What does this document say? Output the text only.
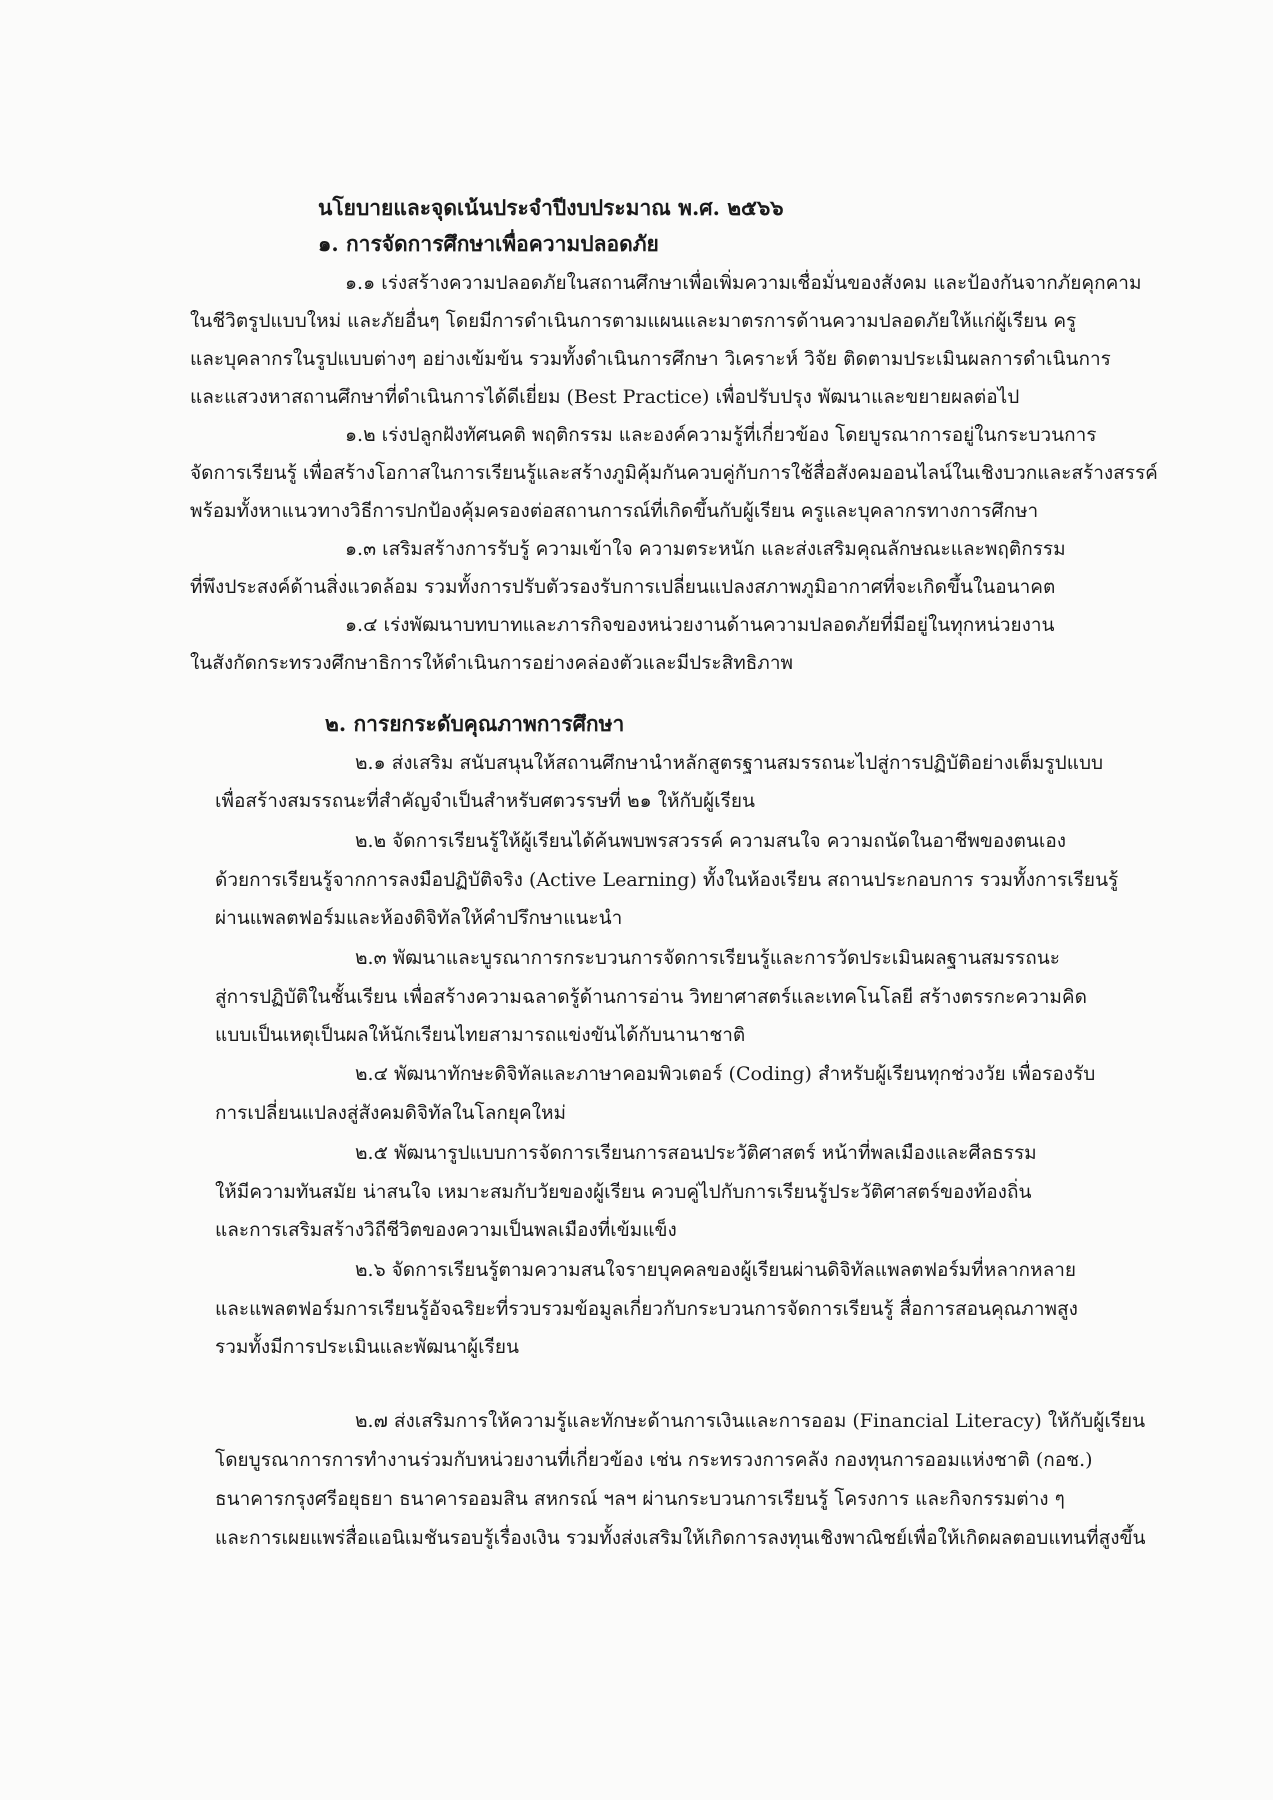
นโยบายและจุดเน้นประจำปีงบประมาณ พ.ศ. ๒๕๖๖
๑. การจัดการศึกษาเพื่อความปลอดภัย
๑.๑ เร่งสร้างความปลอดภัยในสถานศึกษาเพื่อเพิ่มความเชื่อมั่นของสังคม และป้องกันจากภัยคุกคาม
ในชีวิตรูปแบบใหม่ และภัยอื่นๆ โดยมีการดำเนินการตามแผนและมาตรการด้านความปลอดภัยให้แก่ผู้เรียน ครู
และบุคลากรในรูปแบบต่างๆ อย่างเข้มข้น รวมทั้งดำเนินการศึกษา วิเคราะห์ วิจัย ติดตามประเมินผลการดำเนินการ
และแสวงหาสถานศึกษาที่ดำเนินการได้ดีเยี่ยม (Best Practice) เพื่อปรับปรุง พัฒนาและขยายผลต่อไป
๑.๒ เร่งปลูกฝังทัศนคติ พฤติกรรม และองค์ความรู้ที่เกี่ยวข้อง โดยบูรณาการอยู่ในกระบวนการ
จัดการเรียนรู้ เพื่อสร้างโอกาสในการเรียนรู้และสร้างภูมิคุ้มกันควบคู่กับการใช้สื่อสังคมออนไลน์ในเชิงบวกและสร้างสรรค์
พร้อมทั้งหาแนวทางวิธีการปกป้องคุ้มครองต่อสถานการณ์ที่เกิดขึ้นกับผู้เรียน ครูและบุคลากรทางการศึกษา
๑.๓ เสริมสร้างการรับรู้ ความเข้าใจ ความตระหนัก และส่งเสริมคุณลักษณะและพฤติกรรม
ที่พึงประสงค์ด้านสิ่งแวดล้อม รวมทั้งการปรับตัวรองรับการเปลี่ยนแปลงสภาพภูมิอากาศที่จะเกิดขึ้นในอนาคต
๑.๔ เร่งพัฒนาบทบาทและภารกิจของหน่วยงานด้านความปลอดภัยที่มีอยู่ในทุกหน่วยงาน
ในสังกัดกระทรวงศึกษาธิการให้ดำเนินการอย่างคล่องตัวและมีประสิทธิภาพ
๒. การยกระดับคุณภาพการศึกษา
๒.๑ ส่งเสริม สนับสนุนให้สถานศึกษานำหลักสูตรฐานสมรรถนะไปสู่การปฏิบัติอย่างเต็มรูปแบบ
เพื่อสร้างสมรรถนะที่สำคัญจำเป็นสำหรับศตวรรษที่ ๒๑ ให้กับผู้เรียน
๒.๒ จัดการเรียนรู้ให้ผู้เรียนได้ค้นพบพรสวรรค์ ความสนใจ ความถนัดในอาชีพของตนเอง
ด้วยการเรียนรู้จากการลงมือปฏิบัติจริง (Active Learning) ทั้งในห้องเรียน สถานประกอบการ รวมทั้งการเรียนรู้
ผ่านแพลตฟอร์มและห้องดิจิทัลให้คำปรึกษาแนะนำ
๒.๓ พัฒนาและบูรณาการกระบวนการจัดการเรียนรู้และการวัดประเมินผลฐานสมรรถนะ
สู่การปฏิบัติในชั้นเรียน เพื่อสร้างความฉลาดรู้ด้านการอ่าน วิทยาศาสตร์และเทคโนโลยี สร้างตรรกะความคิด
แบบเป็นเหตุเป็นผลให้นักเรียนไทยสามารถแข่งขันได้กับนานาชาติ
๒.๔ พัฒนาทักษะดิจิทัลและภาษาคอมพิวเตอร์ (Coding) สำหรับผู้เรียนทุกช่วงวัย เพื่อรองรับ
การเปลี่ยนแปลงสู่สังคมดิจิทัลในโลกยุคใหม่
๒.๕ พัฒนารูปแบบการจัดการเรียนการสอนประวัติศาสตร์ หน้าที่พลเมืองและศีลธรรม
ให้มีความทันสมัย น่าสนใจ เหมาะสมกับวัยของผู้เรียน ควบคู่ไปกับการเรียนรู้ประวัติศาสตร์ของท้องถิ่น
และการเสริมสร้างวิถีชีวิตของความเป็นพลเมืองที่เข้มแข็ง
๒.๖ จัดการเรียนรู้ตามความสนใจรายบุคคลของผู้เรียนผ่านดิจิทัลแพลตฟอร์มที่หลากหลาย
และแพลตฟอร์มการเรียนรู้อัจฉริยะที่รวบรวมข้อมูลเกี่ยวกับกระบวนการจัดการเรียนรู้ สื่อการสอนคุณภาพสูง
รวมทั้งมีการประเมินและพัฒนาผู้เรียน
๒.๗ ส่งเสริมการให้ความรู้และทักษะด้านการเงินและการออม (Financial Literacy) ให้กับผู้เรียน
โดยบูรณาการการทำงานร่วมกับหน่วยงานที่เกี่ยวข้อง เช่น กระทรวงการคลัง กองทุนการออมแห่งชาติ (กอช.)
ธนาคารกรุงศรีอยุธยา ธนาคารออมสิน สหกรณ์ ฯลฯ ผ่านกระบวนการเรียนรู้ โครงการ และกิจกรรมต่าง ๆ
และการเผยแพร่สื่อแอนิเมชันรอบรู้เรื่องเงิน รวมทั้งส่งเสริมให้เกิดการลงทุนเชิงพาณิชย์เพื่อให้เกิดผลตอบแทนที่สูงขึ้น
